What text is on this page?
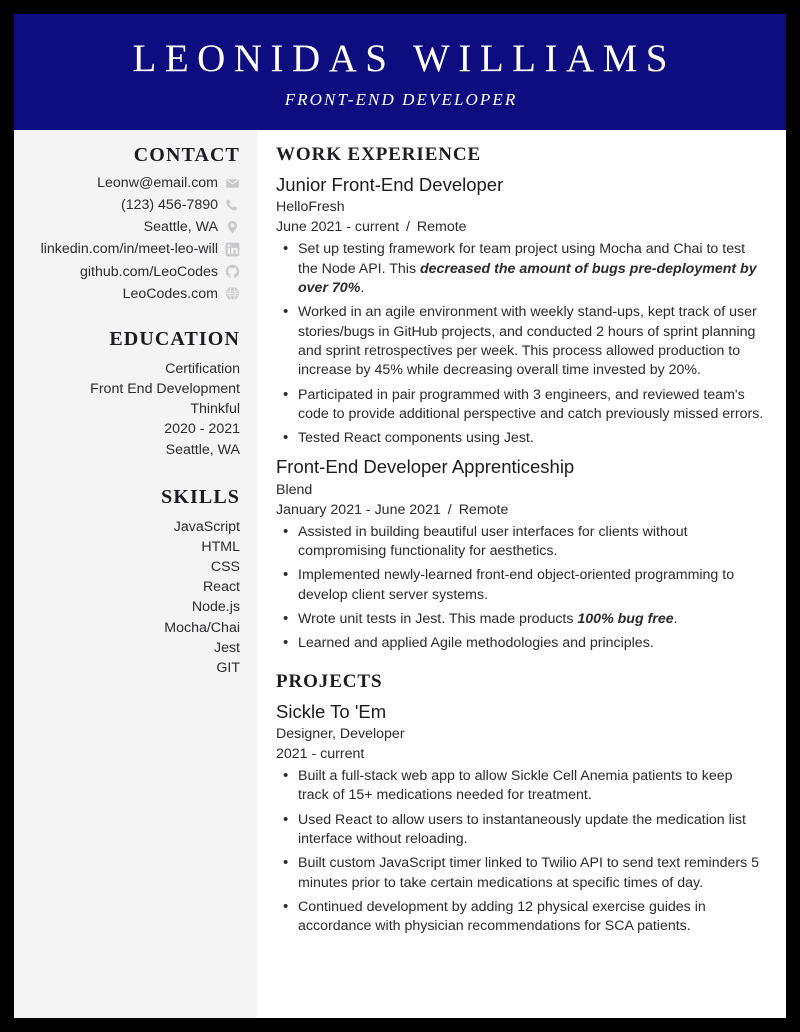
LEONIDAS WILLIAMS
FRONT-END DEVELOPER
CONTACT
Leonw@email.com
(123) 456-7890
Seattle, WA
linkedin.com/in/meet-leo-will
github.com/LeoCodes
LeoCodes.com
EDUCATION
Certification
Front End Development
Thinkful
2020 - 2021
Seattle, WA
SKILLS
JavaScript
HTML
CSS
React
Node.js
Mocha/Chai
Jest
GIT
WORK EXPERIENCE
Junior Front-End Developer
HelloFresh
June 2021 - current / Remote
• Set up testing framework for team project using Mocha and Chai to test the Node API. This decreased the amount of bugs pre-deployment by over 70%.
• Worked in an agile environment with weekly stand-ups, kept track of user stories/bugs in GitHub projects, and conducted 2 hours of sprint planning and sprint retrospectives per week. This process allowed production to increase by 45% while decreasing overall time invested by 20%.
• Participated in pair programmed with 3 engineers, and reviewed team's code to provide additional perspective and catch previously missed errors.
• Tested React components using Jest.
Front-End Developer Apprenticeship
Blend
January 2021 - June 2021 / Remote
• Assisted in building beautiful user interfaces for clients without compromising functionality for aesthetics.
• Implemented newly-learned front-end object-oriented programming to develop client server systems.
• Wrote unit tests in Jest. This made products 100% bug free.
• Learned and applied Agile methodologies and principles.
PROJECTS
Sickle To 'Em
Designer, Developer
2021 - current
• Built a full-stack web app to allow Sickle Cell Anemia patients to keep track of 15+ medications needed for treatment.
• Used React to allow users to instantaneously update the medication list interface without reloading.
• Built custom JavaScript timer linked to Twilio API to send text reminders 5 minutes prior to take certain medications at specific times of day.
• Continued development by adding 12 physical exercise guides in accordance with physician recommendations for SCA patients.
